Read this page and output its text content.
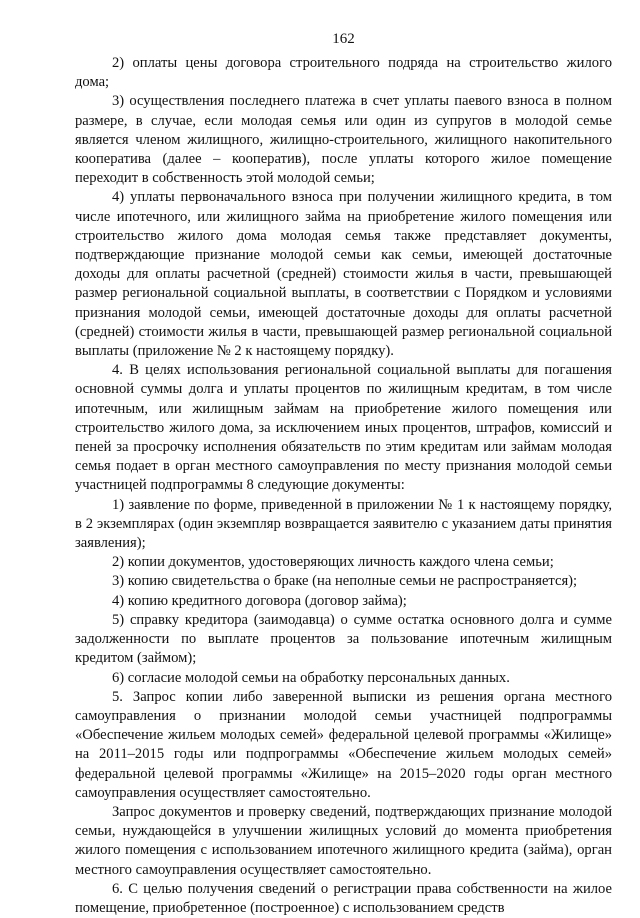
162

2) оплаты цены договора строительного подряда на строительство жилого дома;

3) осуществления последнего платежа в счет уплаты паевого взноса в полном размере, в случае, если молодая семья или один из супругов в молодой семье является членом жилищного, жилищно-строительного, жилищного накопительного кооператива (далее – кооператив), после уплаты которого жилое помещение переходит в собственность этой молодой семьи;

4) уплаты первоначального взноса при получении жилищного кредита, в том числе ипотечного, или жилищного займа на приобретение жилого помещения или строительство жилого дома молодая семья также представляет документы, подтверждающие признание молодой семьи как семьи, имеющей достаточные доходы для оплаты расчетной (средней) стоимости жилья в части, превышающей размер региональной социальной выплаты, в соответствии с Порядком и условиями признания молодой семьи, имеющей достаточные доходы для оплаты расчетной (средней) стоимости жилья в части, превышающей размер региональной социальной выплаты (приложение № 2 к настоящему порядку).

4. В целях использования региональной социальной выплаты для погашения основной суммы долга и уплаты процентов по жилищным кредитам, в том числе ипотечным, или жилищным займам на приобретение жилого помещения или строительство жилого дома, за исключением иных процентов, штрафов, комиссий и пеней за просрочку исполнения обязательств по этим кредитам или займам молодая семья подает в орган местного самоуправления по месту признания молодой семьи участницей подпрограммы 8 следующие документы:

1) заявление по форме, приведенной в приложении № 1 к настоящему порядку, в 2 экземплярах (один экземпляр возвращается заявителю с указанием даты принятия заявления);

2) копии документов, удостоверяющих личность каждого члена семьи;

3) копию свидетельства о браке (на неполные семьи не распространяется);

4) копию кредитного договора (договор займа);

5) справку кредитора (заимодавца) о сумме остатка основного долга и сумме задолженности по выплате процентов за пользование ипотечным жилищным кредитом (займом);

6) согласие молодой семьи на обработку персональных данных.

5. Запрос копии либо заверенной выписки из решения органа местного самоуправления о признании молодой семьи участницей подпрограммы «Обеспечение жильем молодых семей» федеральной целевой программы «Жилище» на 2011–2015 годы или подпрограммы «Обеспечение жильем молодых семей» федеральной целевой программы «Жилище» на 2015–2020 годы орган местного самоуправления осуществляет самостоятельно.

Запрос документов и проверку сведений, подтверждающих признание молодой семьи, нуждающейся в улучшении жилищных условий до момента приобретения жилого помещения с использованием ипотечного жилищного кредита (займа), орган местного самоуправления осуществляет самостоятельно.

6. С целью получения сведений о регистрации права собственности на жилое помещение, приобретенное (построенное) с использованием средств
